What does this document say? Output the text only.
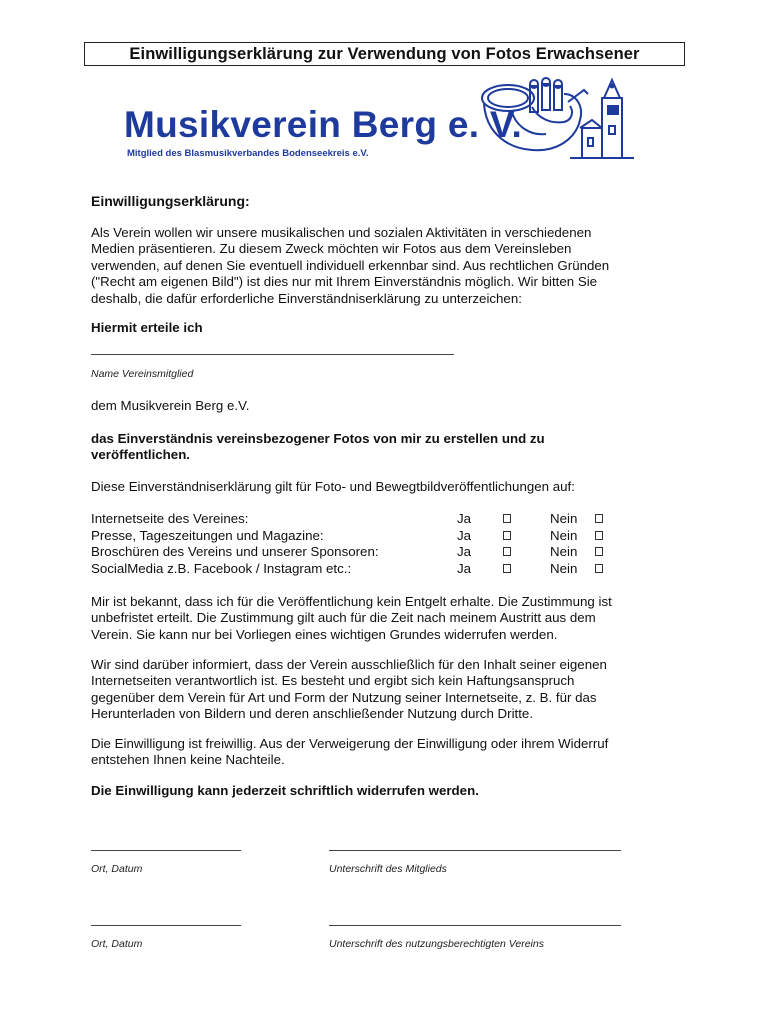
Einwilligungserklärung zur Verwendung von Fotos Erwachsener
Musikverein Berg e. V.
Mitglied des Blasmusikverbandes Bodenseekreis e.V.
Einwilligungserklärung:
Als Verein wollen wir unsere musikalischen und sozialen Aktivitäten in verschiedenen
Medien präsentieren. Zu diesem Zweck möchten wir Fotos aus dem Vereinsleben
verwenden, auf denen Sie eventuell individuell erkennbar sind. Aus rechtlichen Gründen
("Recht am eigenen Bild") ist dies nur mit Ihrem Einverständnis möglich. Wir bitten Sie
deshalb, die dafür erforderliche Einverständniserklärung zu unterzeichen:
Hiermit erteile ich
Name Vereinsmitglied
dem Musikverein Berg e.V.
das Einverständnis vereinsbezogener Fotos von mir zu erstellen und zu
veröffentlichen.
Diese Einverständniserklärung gilt für Foto- und Bewegtbildveröffentlichungen auf:
Internetseite des Vereines:	Ja	Nein
Presse, Tageszeitungen und Magazine:	Ja	Nein
Broschüren des Vereins und unserer Sponsoren:	Ja	Nein
SocialMedia z.B. Facebook / Instagram etc.:	Ja	Nein
Mir ist bekannt, dass ich für die Veröffentlichung kein Entgelt erhalte. Die Zustimmung ist
unbefristet erteilt. Die Zustimmung gilt auch für die Zeit nach meinem Austritt aus dem
Verein. Sie kann nur bei Vorliegen eines wichtigen Grundes widerrufen werden.
Wir sind darüber informiert, dass der Verein ausschließlich für den Inhalt seiner eigenen
Internetseiten verantwortlich ist. Es besteht und ergibt sich kein Haftungsanspruch
gegenüber dem Verein für Art und Form der Nutzung seiner Internetseite, z. B. für das
Herunterladen von Bildern und deren anschließender Nutzung durch Dritte.
Die Einwilligung ist freiwillig. Aus der Verweigerung der Einwilligung oder ihrem Widerruf
entstehen Ihnen keine Nachteile.
Die Einwilligung kann jederzeit schriftlich widerrufen werden.
Ort, Datum	Unterschrift des Mitglieds
Ort, Datum	Unterschrift des nutzungsberechtigten Vereins
